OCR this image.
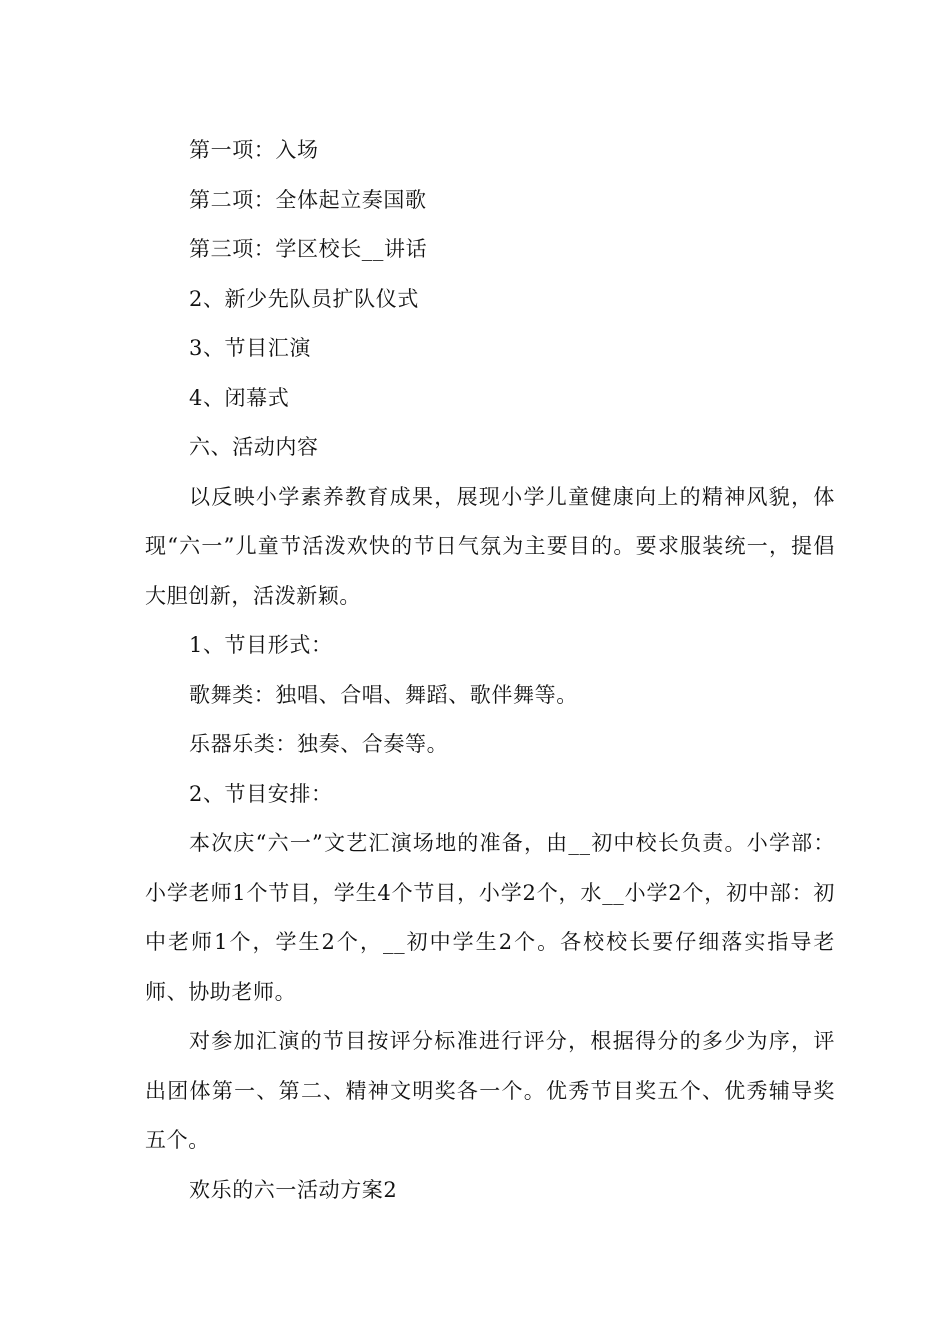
第一项：入场

第二项：全体起立奏国歌

第三项：学区校长__讲话

2、新少先队员扩队仪式

3、节目汇演

4、闭幕式

六、活动内容

以反映小学素养教育成果，展现小学儿童健康向上的精神风貌，体现“六一”儿童节活泼欢快的节日气氛为主要目的。要求服装统一，提倡大胆创新，活泼新颖。

1、节目形式：

歌舞类：独唱、合唱、舞蹈、歌伴舞等。

乐器乐类：独奏、合奏等。

2、节目安排：

本次庆“六一”文艺汇演场地的准备，由__初中校长负责。小学部：小学老师1个节目，学生4个节目，小学2个，水__小学2个，初中部：初中老师1个，学生2个，__初中学生2个。各校校长要仔细落实指导老师、协助老师。

对参加汇演的节目按评分标准进行评分，根据得分的多少为序，评出团体第一、第二、精神文明奖各一个。优秀节目奖五个、优秀辅导奖五个。

欢乐的六一活动方案2
